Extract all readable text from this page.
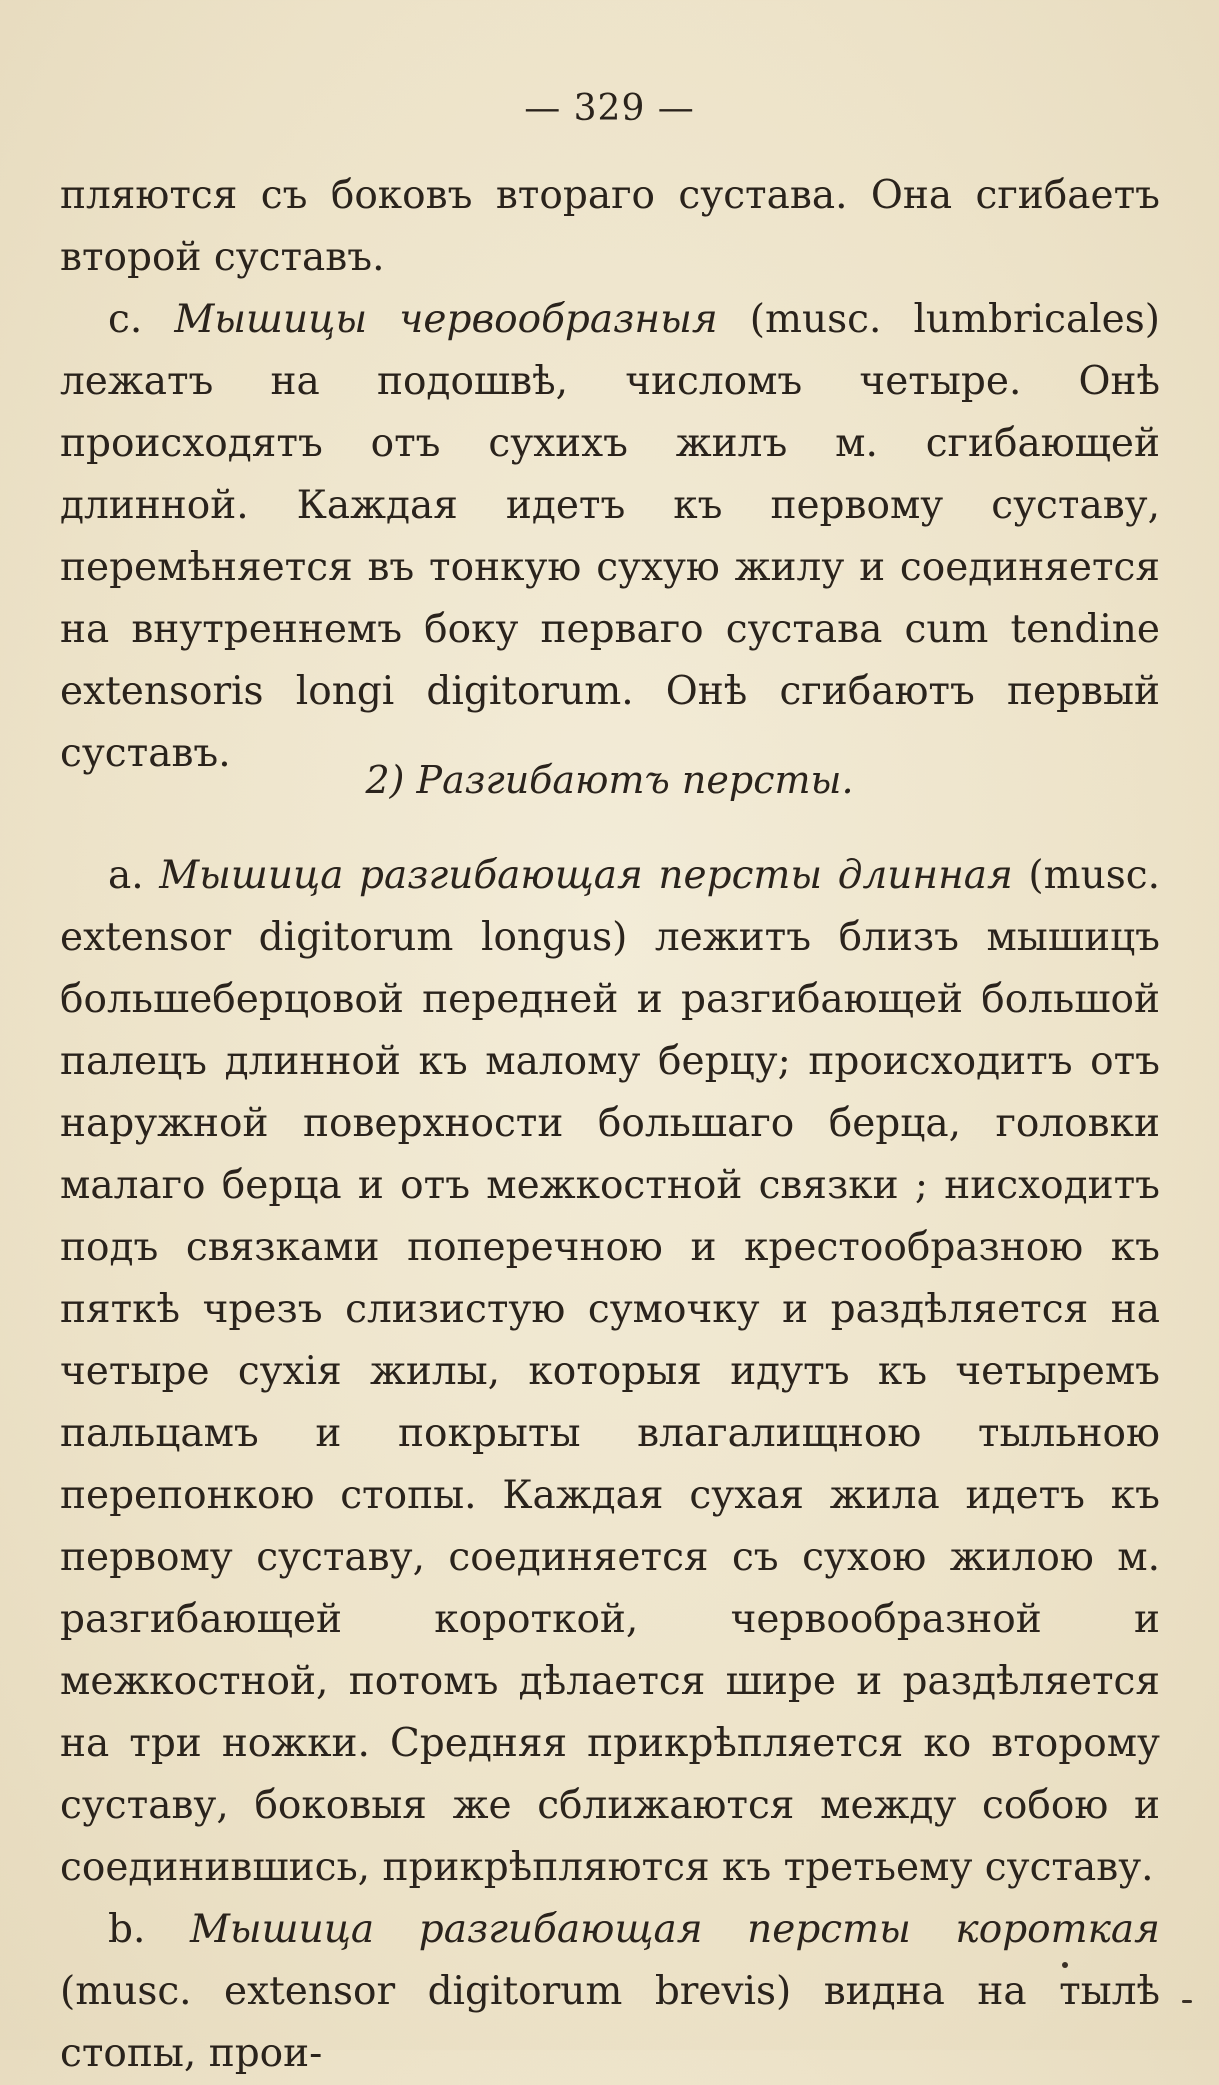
— 329 —

пляются съ боковъ втораго сустава. Она сгибаетъ второй суставъ.

c. Мышицы червообразныя (musc. lumbricales) лежатъ на подошвѣ, числомъ четыре. Онѣ происходятъ отъ сухихъ жилъ м. сгибающей длинной. Каждая идетъ къ первому суставу, перемѣняется въ тонкую сухую жилу и соединяется на внутреннемъ боку перваго сустава cum tendine extensoris longi digitorum. Онѣ сгибаютъ первый суставъ.

2) Разгибаютъ персты.

a. Мышица разгибающая персты длинная (musc. extensor digitorum longus) лежитъ близъ мышицъ большеберцовой передней и разгибающей большой палецъ длинной къ малому берцу; происходитъ отъ наружной поверхности большаго берца, головки малаго берца и отъ межкостной связки ; нисходитъ подъ связками поперечною и крестообразною къ пяткѣ чрезъ слизистую сумочку и раздѣляется на четыре сухія жилы, которыя идутъ къ четыремъ пальцамъ и покрыты влагалищною тыльною перепонкою стопы. Каждая сухая жила идетъ къ первому суставу, соединяется съ сухою жилою м. разгибающей короткой, червообразной и межкостной, потомъ дѣлается шире и раздѣляется на три ножки. Средняя прикрѣпляется ко второму суставу, боковыя же сближаются между собою и соединившись, прикрѣпляются къ третьему суставу.

b. Мышица разгибающая персты короткая (musc. extensor digitorum brevis) видна на тылѣ стопы, прои-
